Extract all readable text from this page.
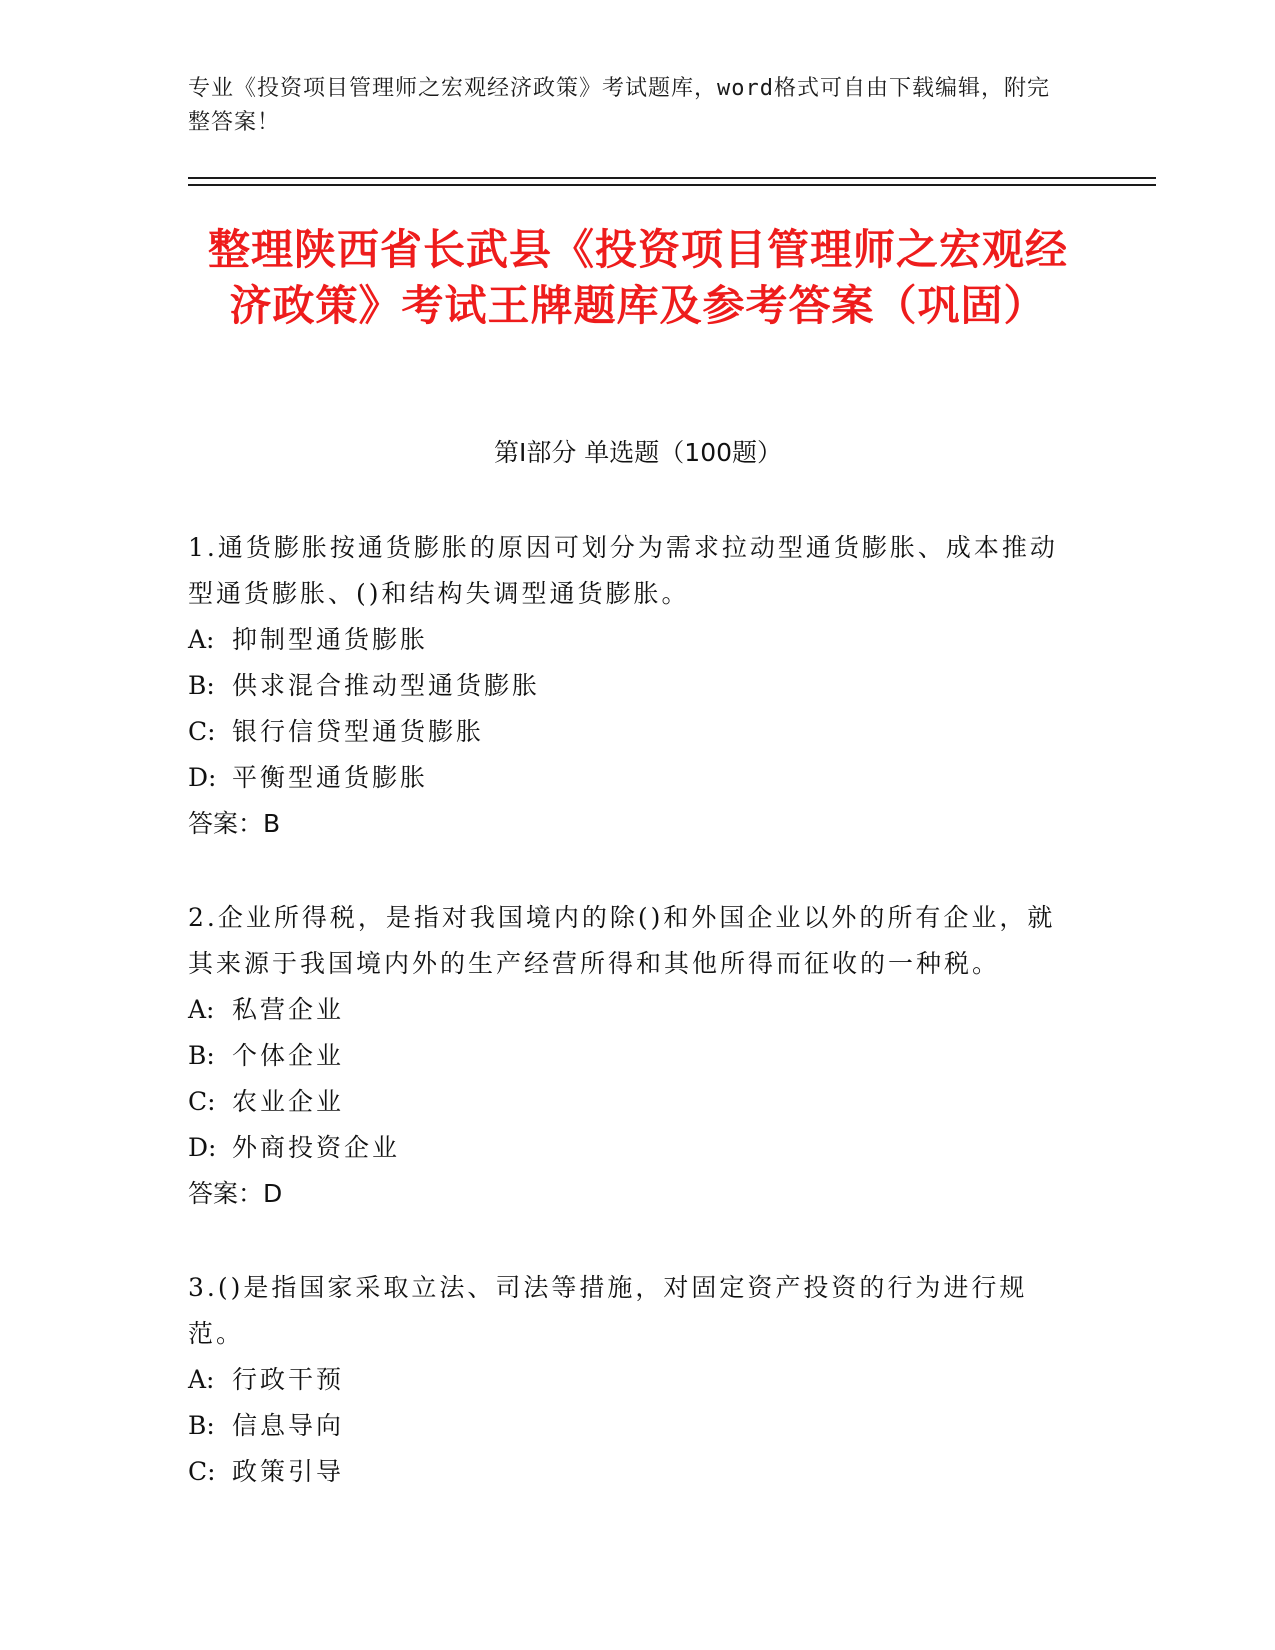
专业《投资项目管理师之宏观经济政策》考试题库，word格式可自由下载编辑，附完整答案！
整理陕西省长武县《投资项目管理师之宏观经济政策》考试王牌题库及参考答案（巩固）
第I部分 单选题（100题）

1.通货膨胀按通货膨胀的原因可划分为需求拉动型通货膨胀、成本推动型通货膨胀、()和结构失调型通货膨胀。

A: 抑制型通货膨胀

B: 供求混合推动型通货膨胀

C: 银行信贷型通货膨胀

D: 平衡型通货膨胀

答案：B

2.企业所得税，是指对我国境内的除()和外国企业以外的所有企业，就其来源于我国境内外的生产经营所得和其他所得而征收的一种税。

A: 私营企业

B: 个体企业

C: 农业企业

D: 外商投资企业

答案：D

3.()是指国家采取立法、司法等措施，对固定资产投资的行为进行规范。

A: 行政干预

B: 信息导向

C: 政策引导
